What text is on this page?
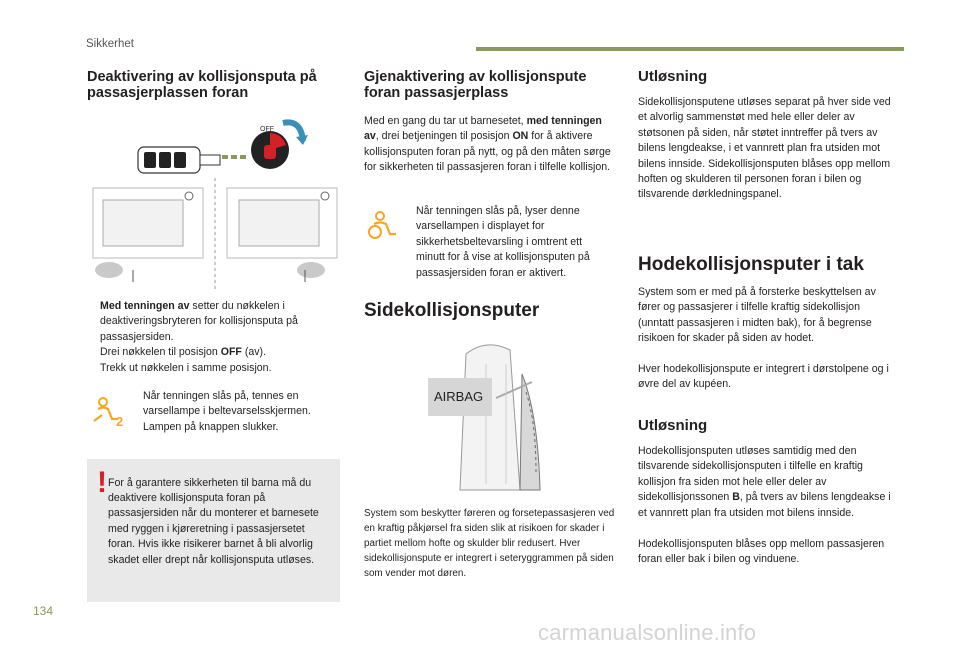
Sikkerhet
Deaktivering av kollisjonsputa på passasjerplassen foran
OFF
Med tenningen av setter du nøkkelen i deaktiveringsbryteren for kollisjonsputa på passasjersiden.
Drei nøkkelen til posisjon OFF (av).
Trekk ut nøkkelen i samme posisjon.
2

Når tenningen slås på, tennes en varsellampe i beltevarselsskjermen. Lampen på knappen slukker.

! For å garantere sikkerheten til barna må du deaktivere kollisjonsputa foran på passasjersiden når du monterer et barnesete med ryggen i kjøreretning i passasjersetet foran. Hvis ikke risikerer barnet å bli alvorlig skadet eller drept når kollisjonsputa utløses.

Gjenaktivering av kollisjonspute foran passasjerplass

Med en gang du tar ut barnesetet, med tenningen av, drei betjeningen til posisjon ON for å aktivere kollisjonsputen foran på nytt, og på den måten sørge for sikkerheten til passasjeren foran i tilfelle kollisjon.

Når tenningen slås på, lyser denne varsellampen i displayet for sikkerhetsbeltevarsling i omtrent ett minutt for å vise at kollisjonsputen på passasjersiden foran er aktivert.

Sidekollisjonsputer
AIRBAG

System som beskytter føreren og forsetepassasjeren ved en kraftig påkjørsel fra siden slik at risikoen for skader i partiet mellom hofte og skulder blir redusert. Hver sidekollisjonspute er integrert i seteryggrammen på siden som vender mot døren.

Utløsning

Sidekollisjonsputene utløses separat på hver side ved et alvorlig sammenstøt med hele eller deler av støtsonen på siden, når støtet inntreffer på tvers av bilens lengdeakse, i et vannrett plan fra utsiden mot bilens innside. Sidekollisjonsputen blåses opp mellom hoften og skulderen til personen foran i bilen og tilsvarende dørkledningspanel.

Hodekollisjonsputer i tak

System som er med på å forsterke beskyttelsen av fører og passasjerer i tilfelle kraftig sidekollisjon (unntatt passasjeren i midten bak), for å begrense risikoen for skader på siden av hodet.

Hver hodekollisjonspute er integrert i dørstolpene og i øvre del av kupéen.

Utløsning

Hodekollisjonsputen utløses samtidig med den tilsvarende sidekollisjonsputen i tilfelle en kraftig kollisjon fra siden mot hele eller deler av sidekollisjonssonen B, på tvers av bilens lengdeakse i et vannrett plan fra utsiden mot bilens innside.

Hodekollisjonsputen blåses opp mellom passasjeren foran eller bak i bilen og vinduene.

134
carmanualsonline.info
